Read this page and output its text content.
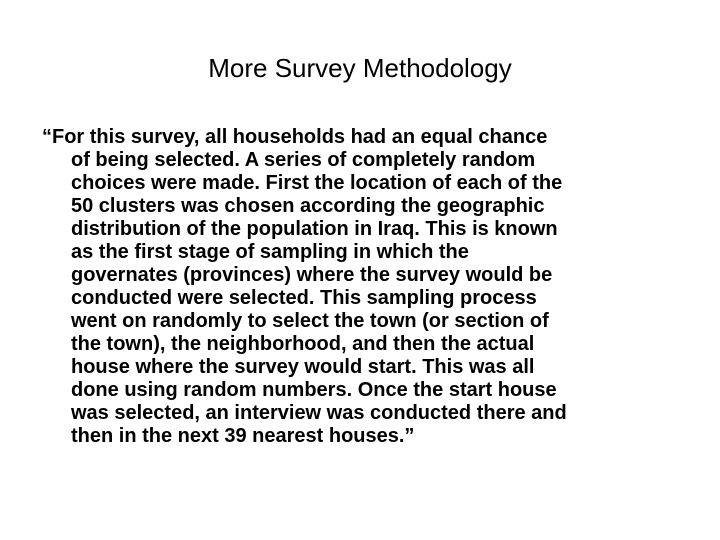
More Survey Methodology
“For this survey, all households had an equal chance
of being selected. A series of completely random
choices were made. First the location of each of the
50 clusters was chosen according the geographic
distribution of the population in Iraq. This is known
as the first stage of sampling in which the
governates (provinces) where the survey would be
conducted were selected. This sampling process
went on randomly to select the town (or section of
the town), the neighborhood, and then the actual
house where the survey would start. This was all
done using random numbers. Once the start house
was selected, an interview was conducted there and
then in the next 39 nearest houses.”
